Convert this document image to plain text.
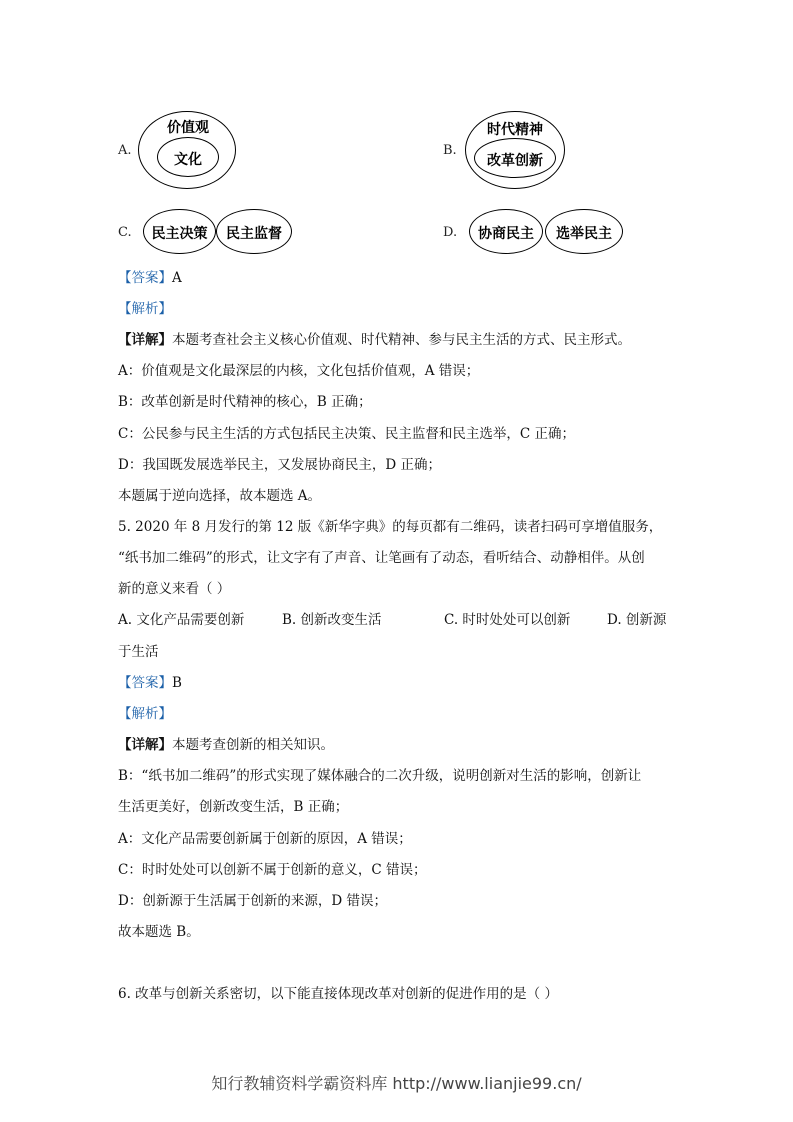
A.
价值观
文化
B.
时代精神
改革创新
C.	民主决策	民主监督	D.	协商民主	选举民主
【答案】A
【解析】
【详解】本题考查社会主义核心价值观、时代精神、参与民主生活的方式、民主形式。
A：价值观是文化最深层的内核，文化包括价值观，A 错误；
B：改革创新是时代精神的核心，B 正确；
C：公民参与民主生活的方式包括民主决策、民主监督和民主选举，C 正确；
D：我国既发展选举民主，又发展协商民主，D 正确；
本题属于逆向选择，故本题选 A。
5. 2020 年 8 月发行的第 12 版《新华字典》的每页都有二维码，读者扫码可享增值服务，
“纸书加二维码”的形式，让文字有了声音、让笔画有了动态，看听结合、动静相伴。从创
新的意义来看（ ）
A. 文化产品需要创新	B. 创新改变生活	C. 时时处处可以创新	D. 创新源
于生活
【答案】B
【解析】
【详解】本题考查创新的相关知识。
B：“纸书加二维码”的形式实现了媒体融合的二次升级，说明创新对生活的影响，创新让
生活更美好，创新改变生活，B 正确；
A：文化产品需要创新属于创新的原因，A 错误；
C：时时处处可以创新不属于创新的意义，C 错误；
D：创新源于生活属于创新的来源，D 错误；
故本题选 B。
6. 改革与创新关系密切，以下能直接体现改革对创新的促进作用的是（ ）
知行教辅资料学霸资料库 http://www.lianjie99.cn/
